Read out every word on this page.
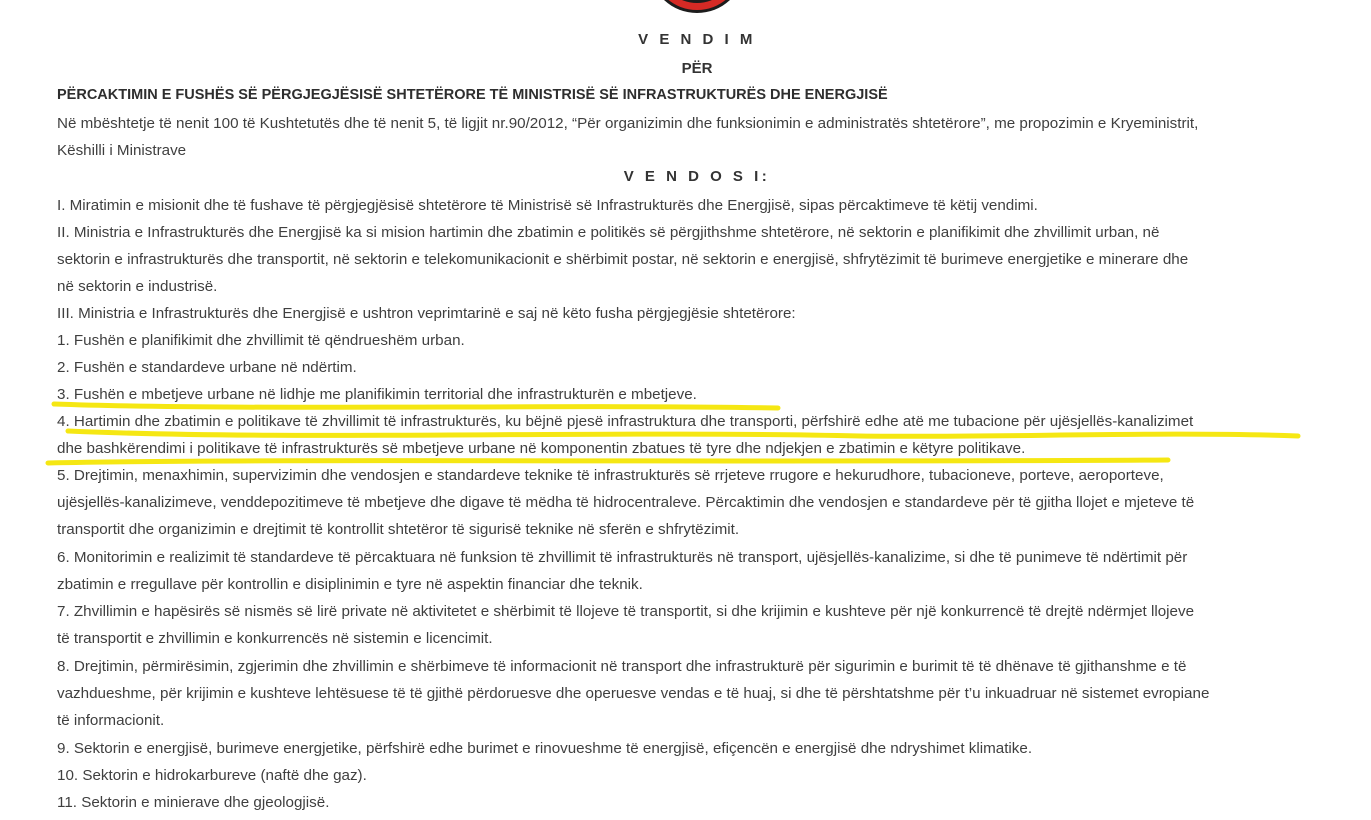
V E N D I M
PËR
PËRCAKTIMIN E FUSHËS SË PËRGJEGJËSISË SHTETËRORE TË MINISTRISË SË INFRASTRUKTURËS DHE ENERGJISË
Në mbështetje të nenit 100 të Kushtetutës dhe të nenit 5, të ligjit nr.90/2012, “Për organizimin dhe funksionimin e administratës shtetërore”, me propozimin e Kryeministrit,
Këshilli i Ministrave
V E N D O S I:
I. Miratimin e misionit dhe të fushave të përgjegjësisë shtetërore të Ministrisë së Infrastrukturës dhe Energjisë, sipas përcaktimeve të këtij vendimi.
II. Ministria e Infrastrukturës dhe Energjisë ka si mision hartimin dhe zbatimin e politikës së përgjithshme shtetërore, në sektorin e planifikimit dhe zhvillimit urban, në
sektorin e infrastrukturës dhe transportit, në sektorin e telekomunikacionit e shërbimit postar, në sektorin e energjisë, shfrytëzimit të burimeve energjetike e minerare dhe
në sektorin e industrisë.
III. Ministria e Infrastrukturës dhe Energjisë e ushtron veprimtarinë e saj në këto fusha përgjegjësie shtetërore:
1. Fushën e planifikimit dhe zhvillimit të qëndrueshëm urban.
2. Fushën e standardeve urbane në ndërtim.
3. Fushën e mbetjeve urbane në lidhje me planifikimin territorial dhe infrastrukturën e mbetjeve.
4. Hartimin dhe zbatimin e politikave të zhvillimit të infrastrukturës, ku bëjnë pjesë infrastruktura dhe transporti, përfshirë edhe atë me tubacione për ujësjellës-kanalizimet
dhe bashkërendimi i politikave të infrastrukturës së mbetjeve urbane në komponentin zbatues të tyre dhe ndjekjen e zbatimin e këtyre politikave.
5. Drejtimin, menaxhimin, supervizimin dhe vendosjen e standardeve teknike të infrastrukturës së rrjeteve rrugore e hekurudhore, tubacioneve, porteve, aeroporteve,
ujësjellës-kanalizimeve, venddepozitimeve të mbetjeve dhe digave të mëdha të hidrocentraleve. Përcaktimin dhe vendosjen e standardeve për të gjitha llojet e mjeteve të
transportit dhe organizimin e drejtimit të kontrollit shtetëror të sigurisë teknike në sferën e shfrytëzimit.
6. Monitorimin e realizimit të standardeve të përcaktuara në funksion të zhvillimit të infrastrukturës në transport, ujësjellës-kanalizime, si dhe të punimeve të ndërtimit për
zbatimin e rregullave për kontrollin e disiplinimin e tyre në aspektin financiar dhe teknik.
7. Zhvillimin e hapësirës së nismës së lirë private në aktivitetet e shërbimit të llojeve të transportit, si dhe krijimin e kushteve për një konkurrencë të drejtë ndërmjet llojeve
të transportit e zhvillimin e konkurrencës në sistemin e licencimit.
8. Drejtimin, përmirësimin, zgjerimin dhe zhvillimin e shërbimeve të informacionit në transport dhe infrastrukturë për sigurimin e burimit të të dhënave të gjithanshme e të
vazhdueshme, për krijimin e kushteve lehtësuese të të gjithë përdoruesve dhe operuesve vendas e të huaj, si dhe të përshtatshme për t’u inkuadruar në sistemet evropiane
të informacionit.
9. Sektorin e energjisë, burimeve energjetike, përfshirë edhe burimet e rinovueshme të energjisë, efiçencën e energjisë dhe ndryshimet klimatike.
10. Sektorin e hidrokarbureve (naftë dhe gaz).
11. Sektorin e minierave dhe gjeologjisë.
